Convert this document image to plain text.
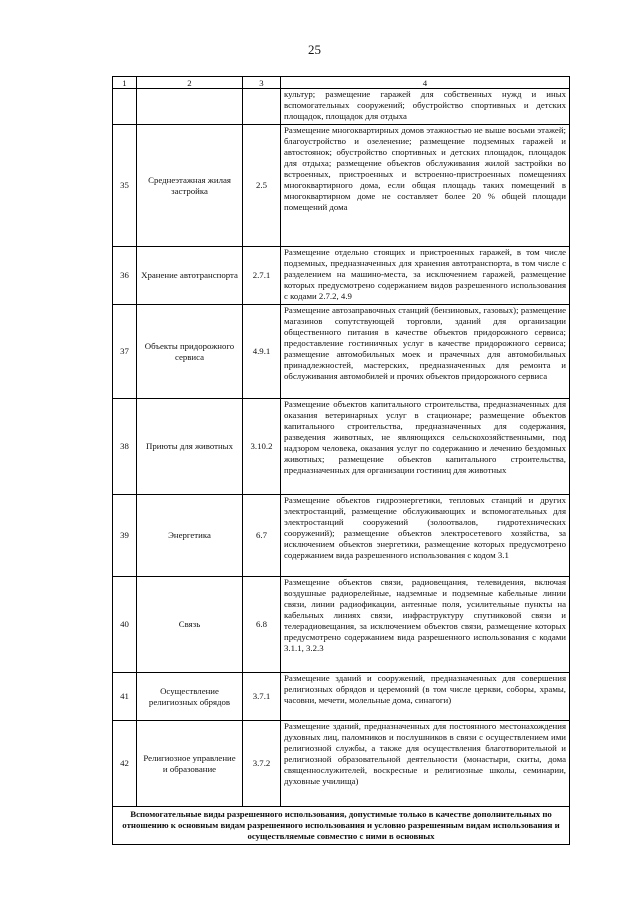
25
1	2	3	4
			культур; размещение гаражей для собственных нужд и иных вспомогательных сооружений; обустройство спортивных и детских площадок, площадок для отдыха
35	Среднеэтажная жилая застройка	2.5	Размещение многоквартирных домов этажностью не выше восьми этажей; благоустройство и озеленение; размещение подземных гаражей и автостоянок; обустройство спортивных и детских площадок, площадок для отдыха; размещение объектов обслуживания жилой застройки во встроенных, пристроенных и встроенно-пристроенных помещениях многоквартирного дома, если общая площадь таких помещений в многоквартирном доме не составляет более 20 % общей площади помещений дома
36	Хранение автотранспорта	2.7.1	Размещение отдельно стоящих и пристроенных гаражей, в том числе подземных, предназначенных для хранения автотранспорта, в том числе с разделением на машино-места, за исключением гаражей, размещение которых предусмотрено содержанием видов разрешенного использования с кодами 2.7.2, 4.9
37	Объекты придорожного сервиса	4.9.1	Размещение автозаправочных станций (бензиновых, газовых); размещение магазинов сопутствующей торговли, зданий для организации общественного питания в качестве объектов придорожного сервиса; предоставление гостиничных услуг в качестве придорожного сервиса; размещение автомобильных моек и прачечных для автомобильных принадлежностей, мастерских, предназначенных для ремонта и обслуживания автомобилей и прочих объектов придорожного сервиса
38	Приюты для животных	3.10.2	Размещение объектов капитального строительства, предназначенных для оказания ветеринарных услуг в стационаре; размещение объектов капитального строительства, предназначенных для содержания, разведения животных, не являющихся сельскохозяйственными, под надзором человека, оказания услуг по содержанию и лечению бездомных животных; размещение объектов капитального строительства, предназначенных для организации гостиниц для животных
39	Энергетика	6.7	Размещение объектов гидроэнергетики, тепловых станций и других электростанций, размещение обслуживающих и вспомогательных для электростанций сооружений (золоотвалов, гидротехнических сооружений); размещение объектов электросетевого хозяйства, за исключением объектов энергетики, размещение которых предусмотрено содержанием вида разрешенного использования с кодом 3.1
40	Связь	6.8	Размещение объектов связи, радиовещания, телевидения, включая воздушные радиорелейные, надземные и подземные кабельные линии связи, линии радиофикации, антенные поля, усилительные пункты на кабельных линиях связи, инфраструктуру спутниковой связи и телерадиовещания, за исключением объектов связи, размещение которых предусмотрено содержанием вида разрешенного использования с кодами 3.1.1, 3.2.3
41	Осуществление религиозных обрядов	3.7.1	Размещение зданий и сооружений, предназначенных для совершения религиозных обрядов и церемоний (в том числе церкви, соборы, храмы, часовни, мечети, молельные дома, синагоги)
42	Религиозное управление и образование	3.7.2	Размещение зданий, предназначенных для постоянного местонахождения духовных лиц, паломников и послушников в связи с осуществлением ими религиозной службы, а также для осуществления благотворительной и религиозной образовательной деятельности (монастыри, скиты, дома священнослужителей, воскресные и религиозные школы, семинарии, духовные училища)
Вспомогательные виды разрешенного использования, допустимые только в качестве дополнительных по отношению к основным видам разрешенного использования и условно разрешенным видам использования и осуществляемые совместно с ними в основных			
